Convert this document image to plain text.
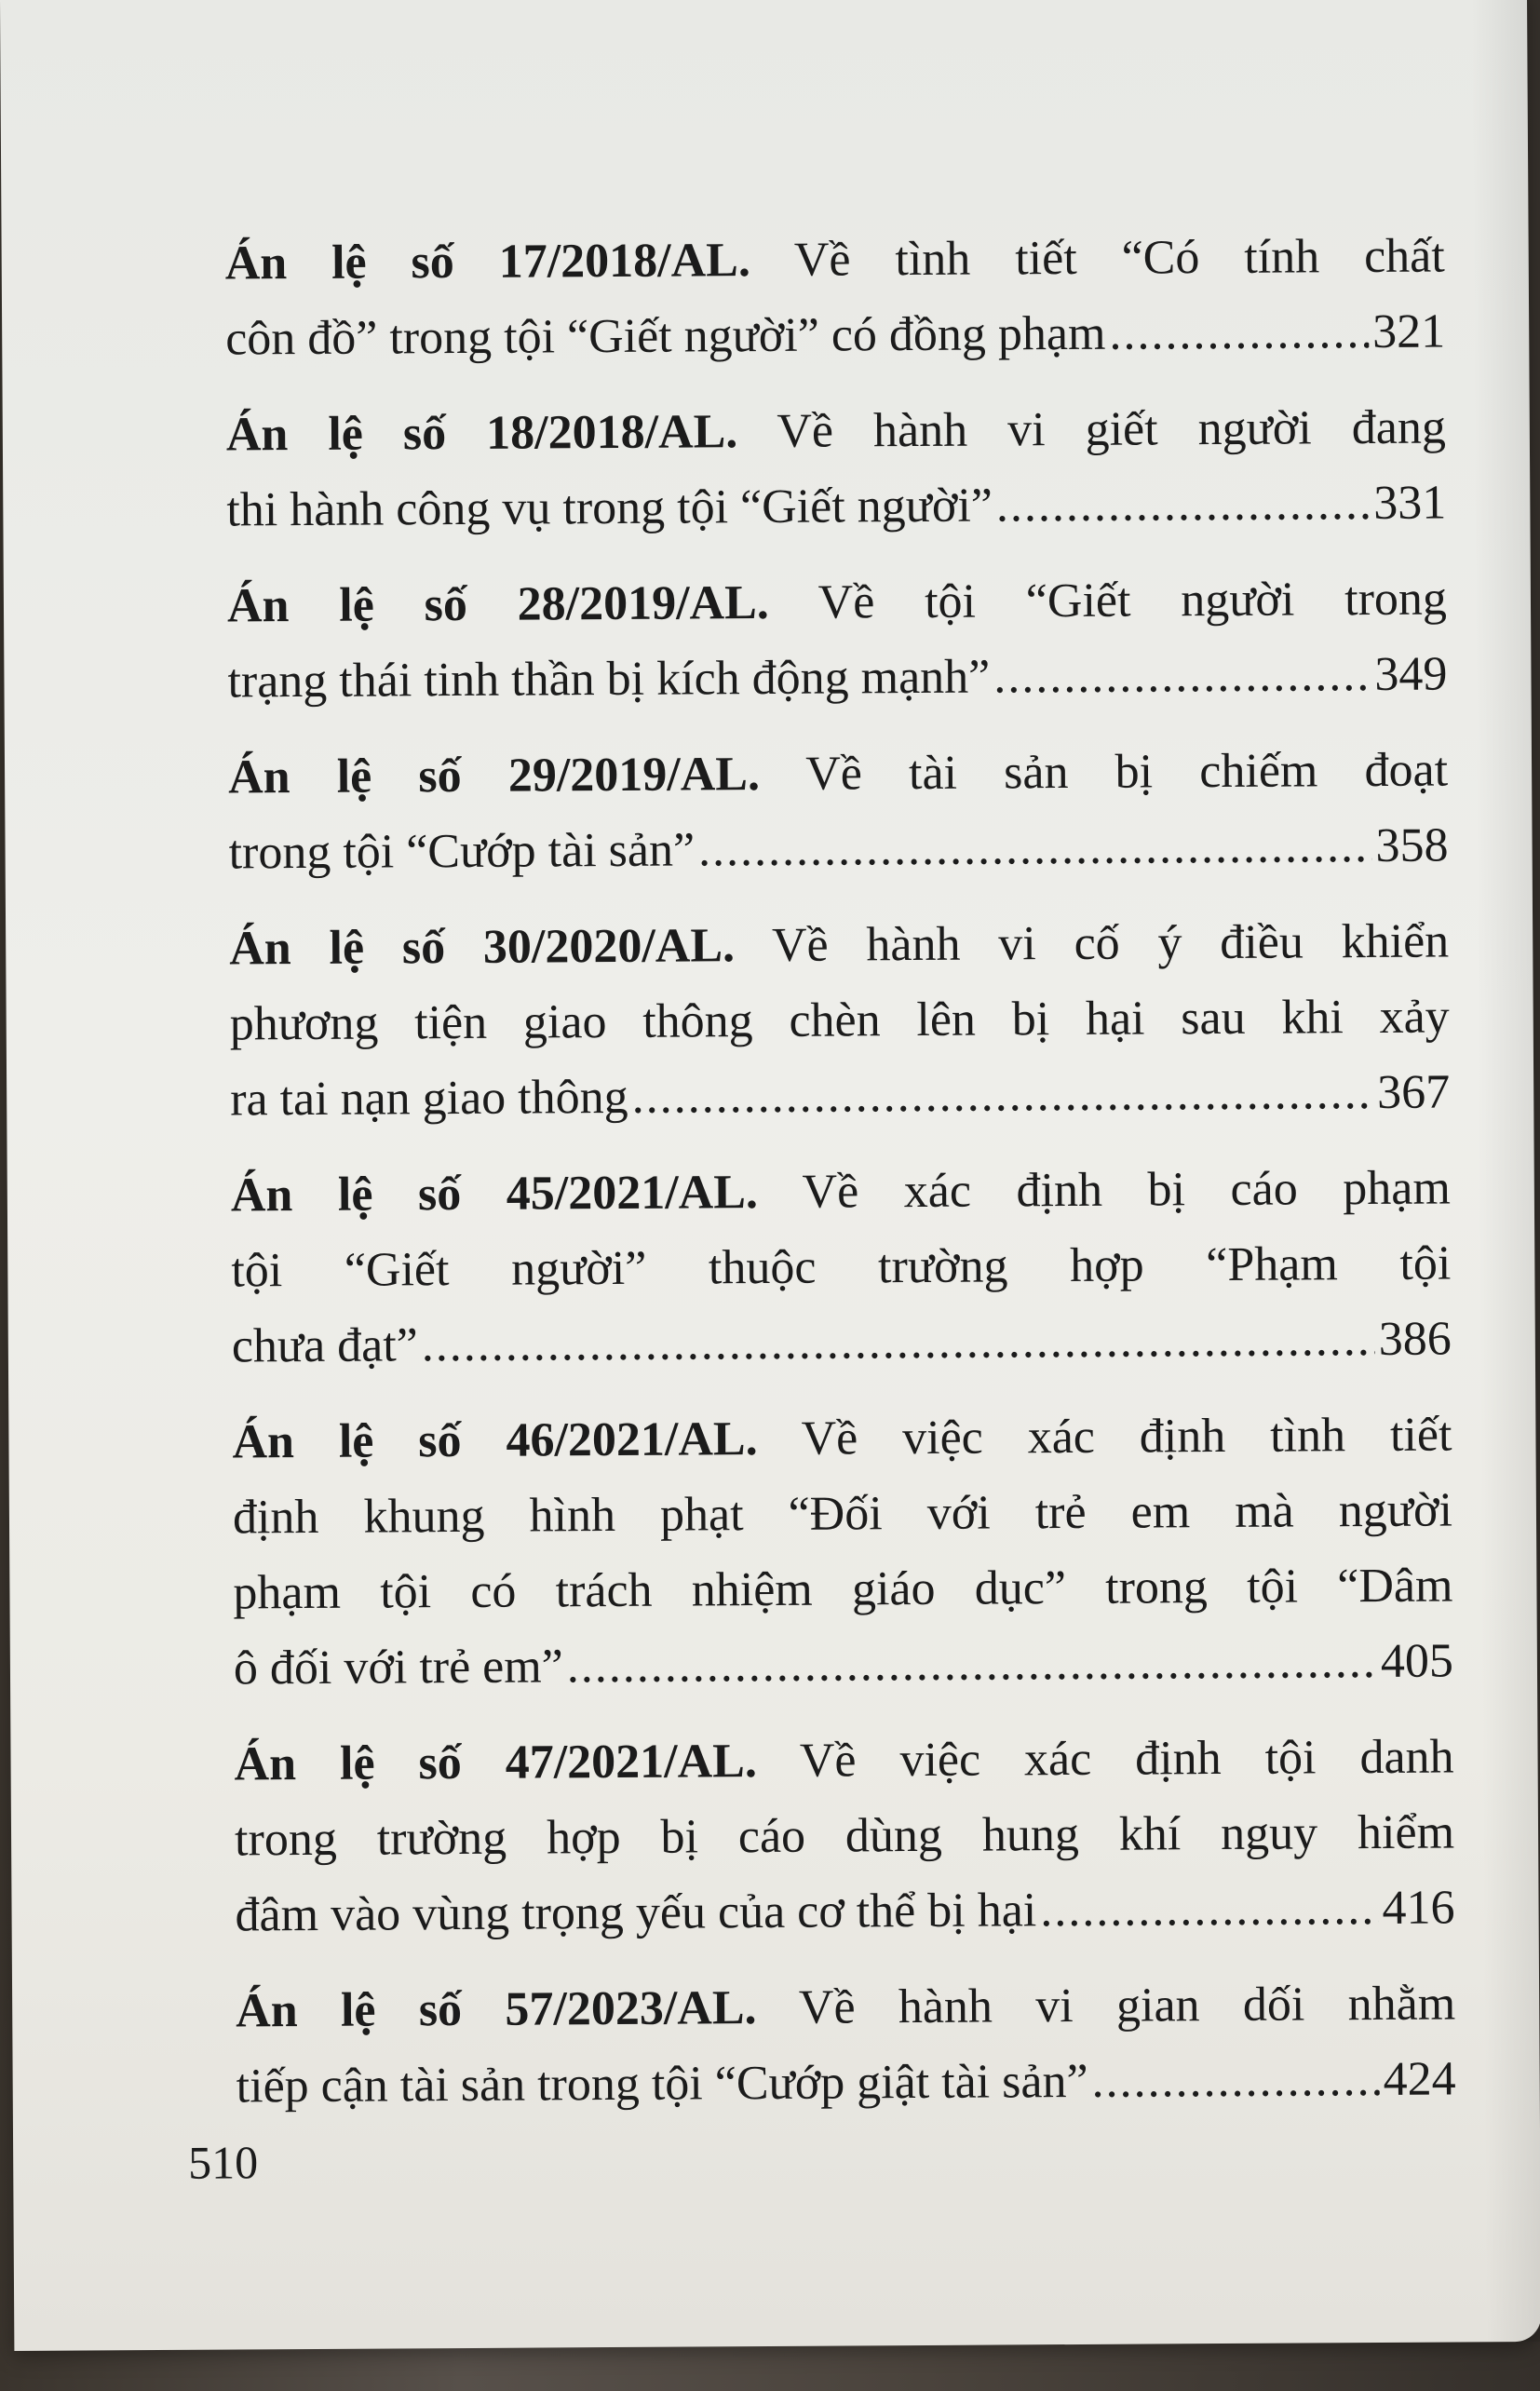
Án lệ số 17/2018/AL. Về tình tiết “Có tính chất
côn đồ” trong tội “Giết người” có đồng phạm .....	321
Án lệ số 18/2018/AL. Về hành vi giết người đang
thi hành công vụ trong tội “Giết người” .....	331
Án lệ số 28/2019/AL. Về tội “Giết người trong
trạng thái tinh thần bị kích động mạnh” .....	349
Án lệ số 29/2019/AL. Về tài sản bị chiếm đoạt
trong tội “Cướp tài sản” .....	358
Án lệ số 30/2020/AL. Về hành vi cố ý điều khiển
phương tiện giao thông chèn lên bị hại sau khi xảy
ra tai nạn giao thông .....	367
Án lệ số 45/2021/AL. Về xác định bị cáo phạm
tội “Giết người” thuộc trường hợp “Phạm tội
chưa đạt” .....	386
Án lệ số 46/2021/AL. Về việc xác định tình tiết
định khung hình phạt “Đối với trẻ em mà người
phạm tội có trách nhiệm giáo dục” trong tội “Dâm
ô đối với trẻ em” .....	405
Án lệ số 47/2021/AL. Về việc xác định tội danh
trong trường hợp bị cáo dùng hung khí nguy hiểm
đâm vào vùng trọng yếu của cơ thể bị hại .....	416
Án lệ số 57/2023/AL. Về hành vi gian dối nhằm
tiếp cận tài sản trong tội “Cướp giật tài sản” .....	424
510
